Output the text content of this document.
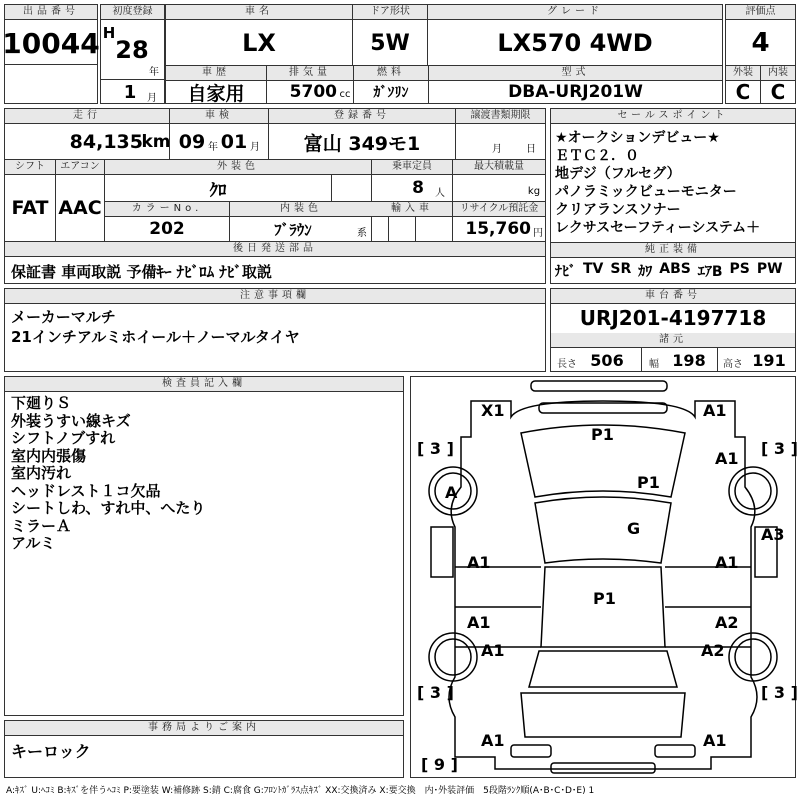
出品番号
10044
初度登録
H
28
年
1	月
車名
LX
ドア形状
5W
グレード
LX570 4WD
車歴
自家用
排気量
5700 cc
燃料
ｶﾞｿﾘﾝ
型式
DBA-URJ201W
評価点
4
外装	内装
C	C
走行	車検	登録番号	譲渡書類期限
84,135
km 09 年 01 月	富山 349モ1	月 日
シフト	エアコン
FAT AAC
外装色	乗車定員	最大積載量
ｸﾛ	8 人	kg
カラーNo.	内装色	輸入車	リサイクル預託金
202	ﾌﾞﾗｳﾝ	系	15,760 円
後日発送部品
保証書 車両取説 予備ｷｰ ﾅﾋﾞﾛﾑ ﾅﾋﾞ取説
セールスポイント
★オークションデビュー★
ＥＴＣ２．０
地デジ（フルセグ）
パノラミックビューモニター
クリアランスソナー
レクサスセーフティーシステム＋
純正装備
ﾅﾋﾞ TV SR ｶﾜ ABS ｴｱB PS PW
注意事項欄
メーカーマルチ
21インチアルミホイール＋ノーマルタイヤ
車台番号
URJ201-4197718
諸元
長さ 506	幅 198	高さ 191
検査員記入欄
下廻りＳ
外装うすい線キズ
シフトノブすれ
室内内張傷
室内汚れ
ヘッドレスト１コ欠品
シートしわ、すれ中、へたり
ミラーＡ
アルミ
事務局よりご案内
キーロック
[ 3 ]	[ 3 ]
[ 3 ]	[ 3 ]
[ 9 ]
X1	A1
P1
A1
P1
A
G	A3
A1	A1
P1
A1	A2
A1	A2
A1	A1
A:ｷｽﾞ U:ﾍｺﾐ B:ｷｽﾞを伴うﾍｺﾐ P:要塗装 W:補修跡 S:錆 C:腐食 G:ﾌﾛﾝﾄｶﾞﾗｽ点ｷｽﾞ XX:交換済み X:要交換　内･外装評価　5段階ﾗﾝｸ順(A･B･C･D･E) 1
